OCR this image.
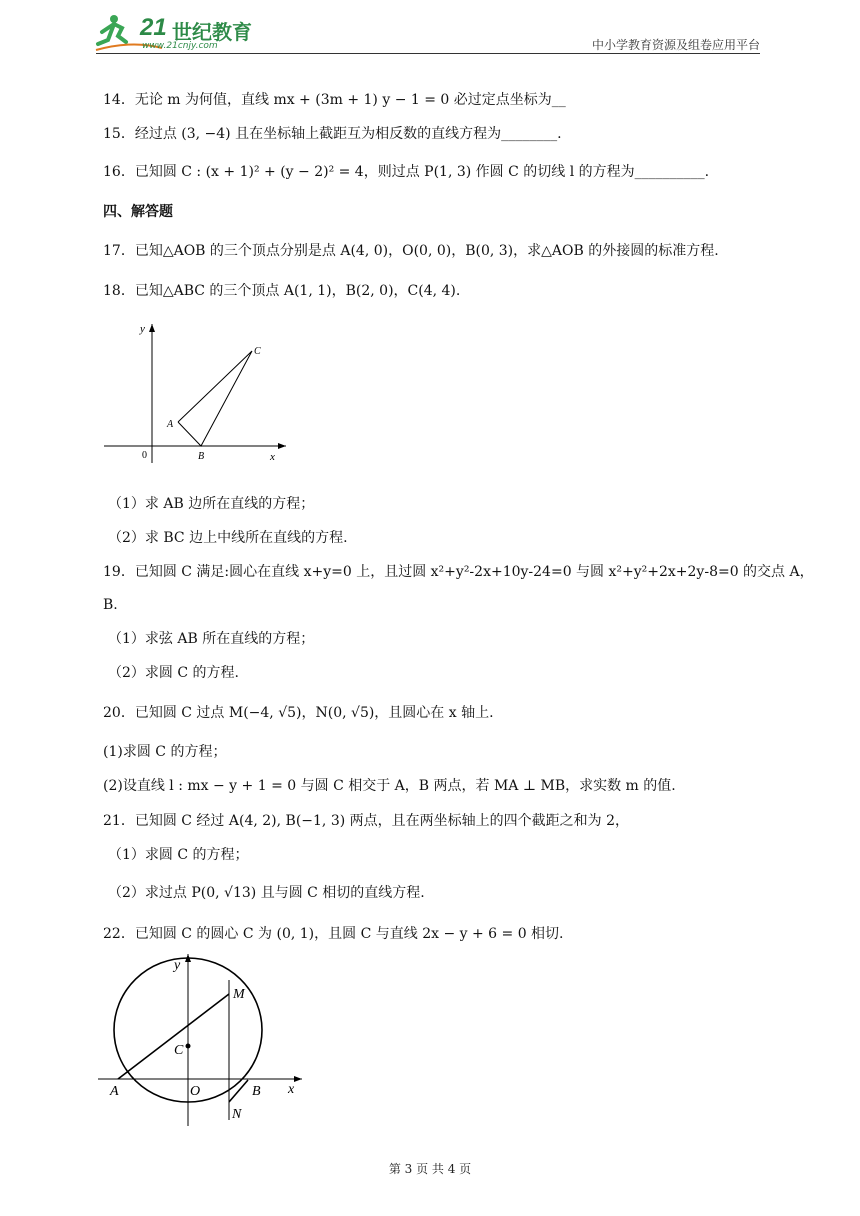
21 世纪教育
www.21cnjy.com	中小学教育资源及组卷应用平台
14．无论 m 为何值，直线 mx + (3m + 1) y − 1 = 0 必过定点坐标为__
15．经过点 (3, −4) 且在坐标轴上截距互为相反数的直线方程为________.
16．已知圆 C : (x + 1)² + (y − 2)² = 4，则过点 P(1, 3) 作圆 C 的切线 l 的方程为__________.
四、解答题
17．已知△AOB 的三个顶点分别是点 A(4, 0)，O(0, 0)，B(0, 3)，求△AOB 的外接圆的标准方程.
18．已知△ABC 的三个顶点 A(1, 1)，B(2, 0)，C(4, 4).
y
x
0
A
B
C
（1）求 AB 边所在直线的方程；
（2）求 BC 边上中线所在直线的方程.
19．已知圆 C 满足:圆心在直线 x+y=0 上，且过圆 x²+y²-2x+10y-24=0 与圆 x²+y²+2x+2y-8=0 的交点 A，
B.
（1）求弦 AB 所在直线的方程；
（2）求圆 C 的方程.
20．已知圆 C 过点 M(−4, √5)，N(0, √5)，且圆心在 x 轴上.
(1)求圆 C 的方程；
(2)设直线 l : mx − y + 1 = 0 与圆 C 相交于 A，B 两点，若 MA ⊥ MB，求实数 m 的值.
21．已知圆 C 经过 A(4, 2), B(−1, 3) 两点，且在两坐标轴上的四个截距之和为 2，
（1）求圆 C 的方程；
（2）求过点 P(0, √13) 且与圆 C 相切的直线方程.
22．已知圆 C 的圆心 C 为 (0, 1)，且圆 C 与直线 2x − y + 6 = 0 相切.
y
x
O
A	B
C
M
N
第 3 页 共 4 页
